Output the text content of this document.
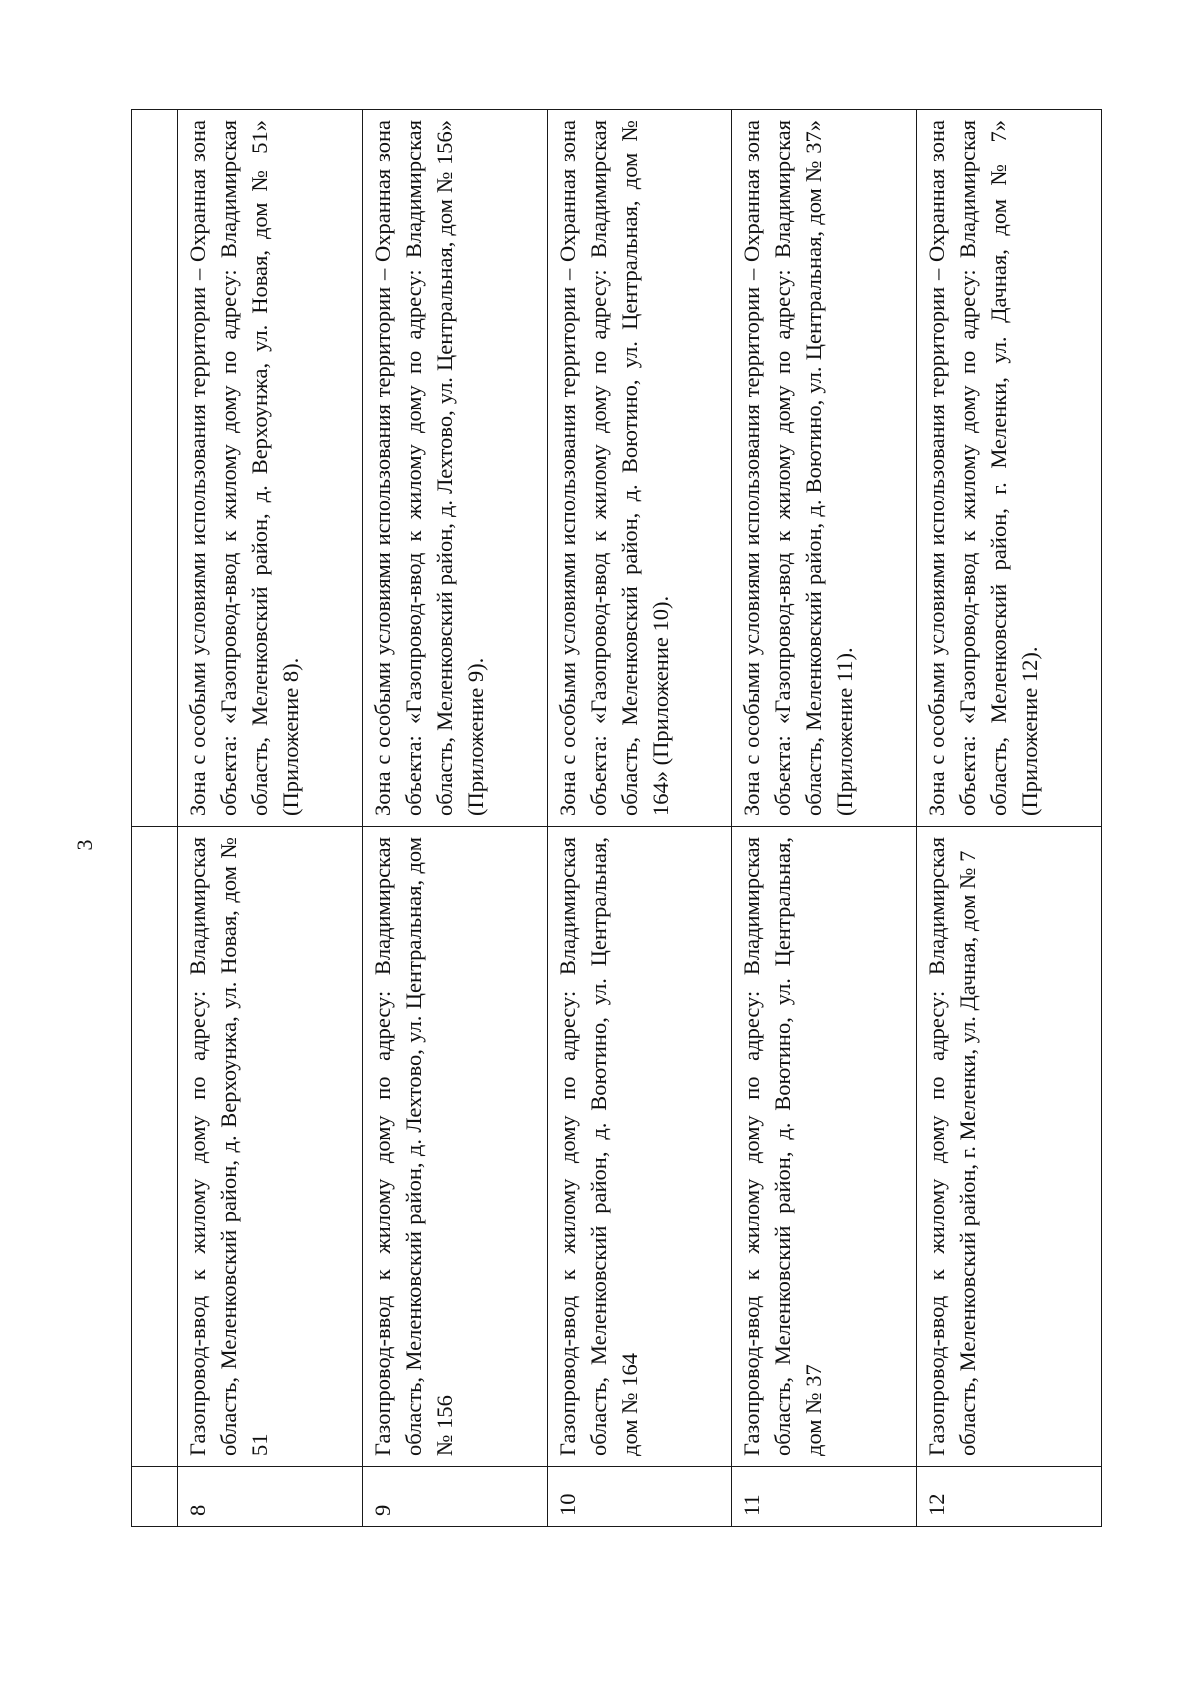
3

8	Газопровод-ввод к жилому дому по адресу: Владимирская область, Меленковский район, д. Верхоунжа, ул. Новая, дом № 51	Зона с особыми условиями использования территории – Охранная зона объекта: «Газопровод-ввод к жилому дому по адресу: Владимирская область, Меленковский район, д. Верхоунжа, ул. Новая, дом № 51» (Приложение 8).

9	Газопровод-ввод к жилому дому по адресу: Владимирская область, Меленковский район, д. Лехтово, ул. Центральная, дом № 156	Зона с особыми условиями использования территории – Охранная зона объекта: «Газопровод-ввод к жилому дому по адресу: Владимирская область, Меленковский район, д. Лехтово, ул. Центральная, дом № 156» (Приложение 9).

10	Газопровод-ввод к жилому дому по адресу: Владимирская область, Меленковский район, д. Воютино, ул. Центральная, дом № 164	Зона с особыми условиями использования территории – Охранная зона объекта: «Газопровод-ввод к жилому дому по адресу: Владимирская область, Меленковский район, д. Воютино, ул. Центральная, дом № 164» (Приложение 10).

11	Газопровод-ввод к жилому дому по адресу: Владимирская область, Меленковский район, д. Воютино, ул. Центральная, дом № 37	Зона с особыми условиями использования территории – Охранная зона объекта: «Газопровод-ввод к жилому дому по адресу: Владимирская область, Меленковский район, д. Воютино, ул. Центральная, дом № 37» (Приложение 11).

12	Газопровод-ввод к жилому дому по адресу: Владимирская область, Меленковский район, г. Меленки, ул. Дачная, дом № 7	Зона с особыми условиями использования территории – Охранная зона объекта: «Газопровод-ввод к жилому дому по адресу: Владимирская область, Меленковский район, г. Меленки, ул. Дачная, дом № 7» (Приложение 12).
